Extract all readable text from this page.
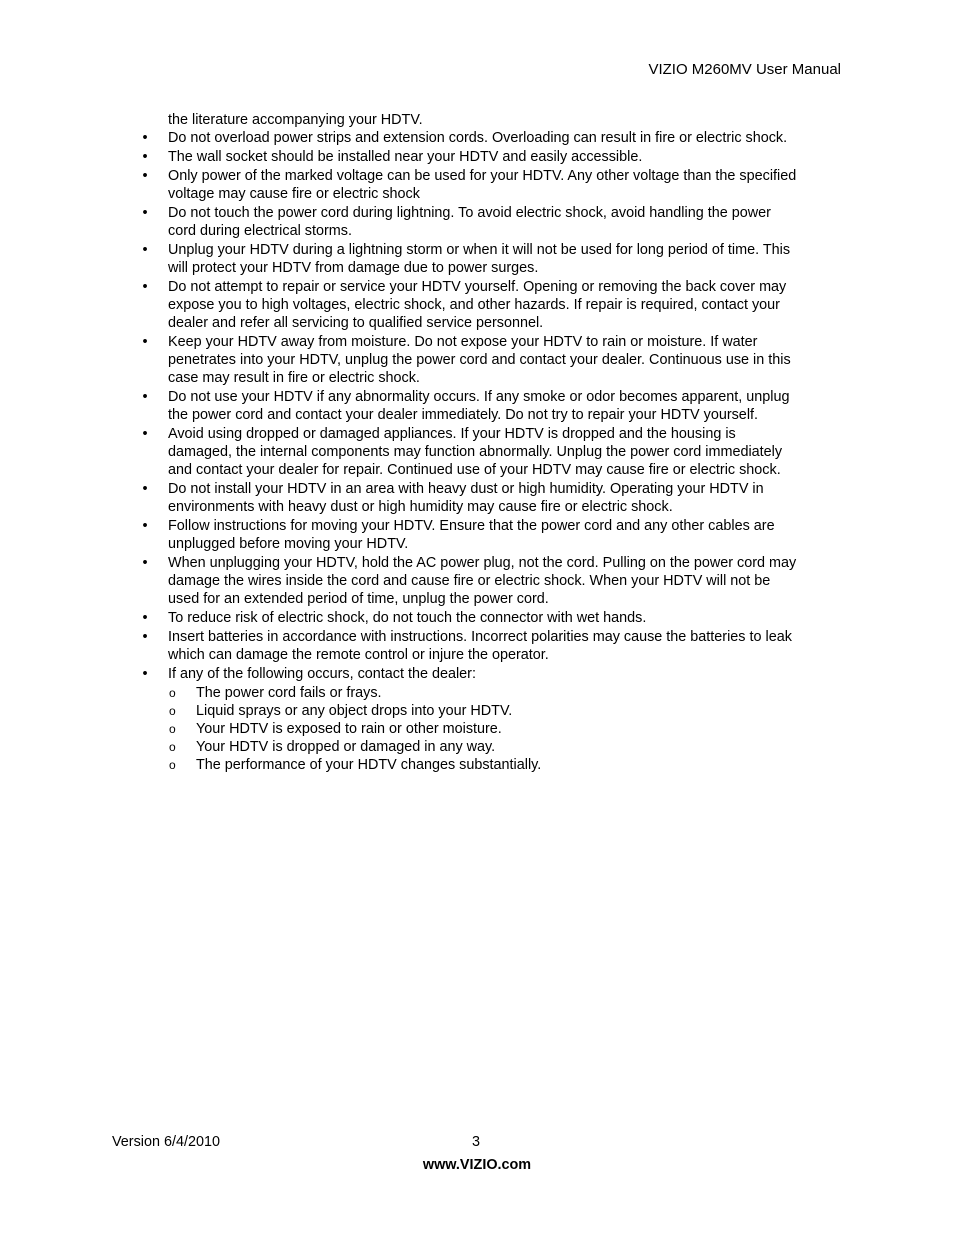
VIZIO M260MV User Manual

the literature accompanying your HDTV.

• Do not overload power strips and extension cords. Overloading can result in fire or electric shock.
• The wall socket should be installed near your HDTV and easily accessible.
• Only power of the marked voltage can be used for your HDTV. Any other voltage than the specified voltage may cause fire or electric shock
• Do not touch the power cord during lightning. To avoid electric shock, avoid handling the power cord during electrical storms.
• Unplug your HDTV during a lightning storm or when it will not be used for long period of time. This will protect your HDTV from damage due to power surges.
• Do not attempt to repair or service your HDTV yourself. Opening or removing the back cover may expose you to high voltages, electric shock, and other hazards. If repair is required, contact your dealer and refer all servicing to qualified service personnel.
• Keep your HDTV away from moisture. Do not expose your HDTV to rain or moisture. If water penetrates into your HDTV, unplug the power cord and contact your dealer. Continuous use in this case may result in fire or electric shock.
• Do not use your HDTV if any abnormality occurs. If any smoke or odor becomes apparent, unplug the power cord and contact your dealer immediately. Do not try to repair your HDTV yourself.
• Avoid using dropped or damaged appliances. If your HDTV is dropped and the housing is damaged, the internal components may function abnormally. Unplug the power cord immediately and contact your dealer for repair. Continued use of your HDTV may cause fire or electric shock.
• Do not install your HDTV in an area with heavy dust or high humidity. Operating your HDTV in environments with heavy dust or high humidity may cause fire or electric shock.
• Follow instructions for moving your HDTV. Ensure that the power cord and any other cables are unplugged before moving your HDTV.
• When unplugging your HDTV, hold the AC power plug, not the cord. Pulling on the power cord may damage the wires inside the cord and cause fire or electric shock. When your HDTV will not be used for an extended period of time, unplug the power cord.
• To reduce risk of electric shock, do not touch the connector with wet hands.
• Insert batteries in accordance with instructions. Incorrect polarities may cause the batteries to leak which can damage the remote control or injure the operator.
• If any of the following occurs, contact the dealer:
o The power cord fails or frays.
o Liquid sprays or any object drops into your HDTV.
o Your HDTV is exposed to rain or other moisture.
o Your HDTV is dropped or damaged in any way.
o The performance of your HDTV changes substantially.
Version 6/4/2010	3
www.VIZIO.com
